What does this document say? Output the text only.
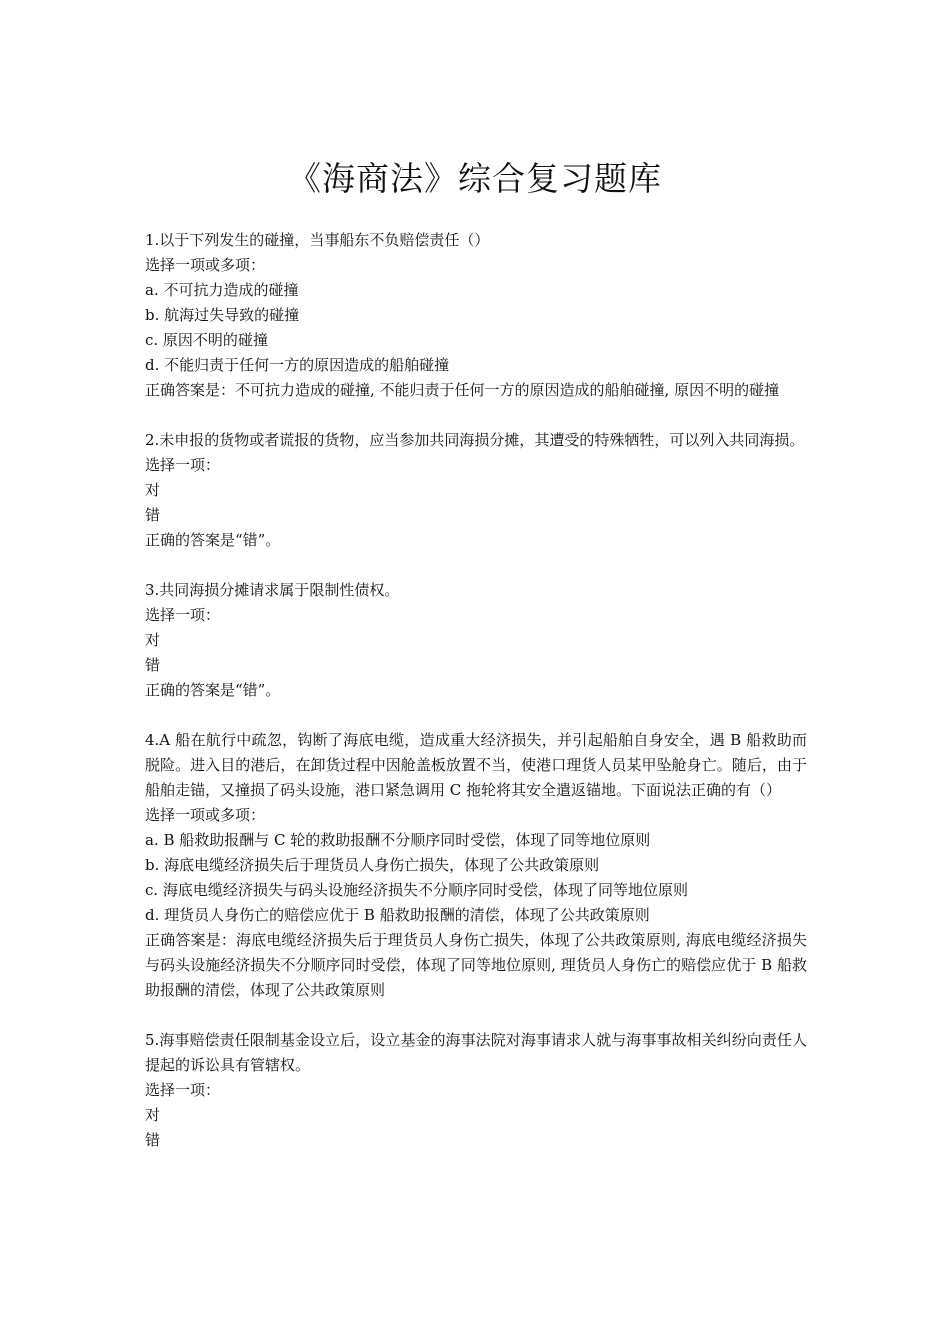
《海商法》综合复习题库

1.以于下列发生的碰撞，当事船东不负赔偿责任（）

选择一项或多项：

a. 不可抗力造成的碰撞

b. 航海过失导致的碰撞

c. 原因不明的碰撞

d. 不能归责于任何一方的原因造成的船舶碰撞

正确答案是：不可抗力造成的碰撞, 不能归责于任何一方的原因造成的船舶碰撞, 原因不明的碰撞

2.未申报的货物或者谎报的货物，应当参加共同海损分摊，其遭受的特殊牺牲，可以列入共同海损。

选择一项：

对

错

正确的答案是“错”。

3.共同海损分摊请求属于限制性债权。

选择一项：

对

错

正确的答案是“错”。

4.A 船在航行中疏忽，钩断了海底电缆，造成重大经济损失，并引起船舶自身安全，遇 B 船救助而脱险。进入目的港后，在卸货过程中因舱盖板放置不当，使港口理货人员某甲坠舱身亡。随后，由于船舶走锚，又撞损了码头设施，港口紧急调用 C 拖轮将其安全遣返锚地。下面说法正确的有（）

选择一项或多项：

a. B 船救助报酬与 C 轮的救助报酬不分顺序同时受偿，体现了同等地位原则

b. 海底电缆经济损失后于理货员人身伤亡损失，体现了公共政策原则

c. 海底电缆经济损失与码头设施经济损失不分顺序同时受偿，体现了同等地位原则

d. 理货员人身伤亡的赔偿应优于 B 船救助报酬的清偿，体现了公共政策原则

正确答案是：海底电缆经济损失后于理货员人身伤亡损失，体现了公共政策原则, 海底电缆经济损失与码头设施经济损失不分顺序同时受偿，体现了同等地位原则, 理货员人身伤亡的赔偿应优于 B 船救助报酬的清偿，体现了公共政策原则

5.海事赔偿责任限制基金设立后，设立基金的海事法院对海事请求人就与海事事故相关纠纷向责任人提起的诉讼具有管辖权。

选择一项：

对

错
